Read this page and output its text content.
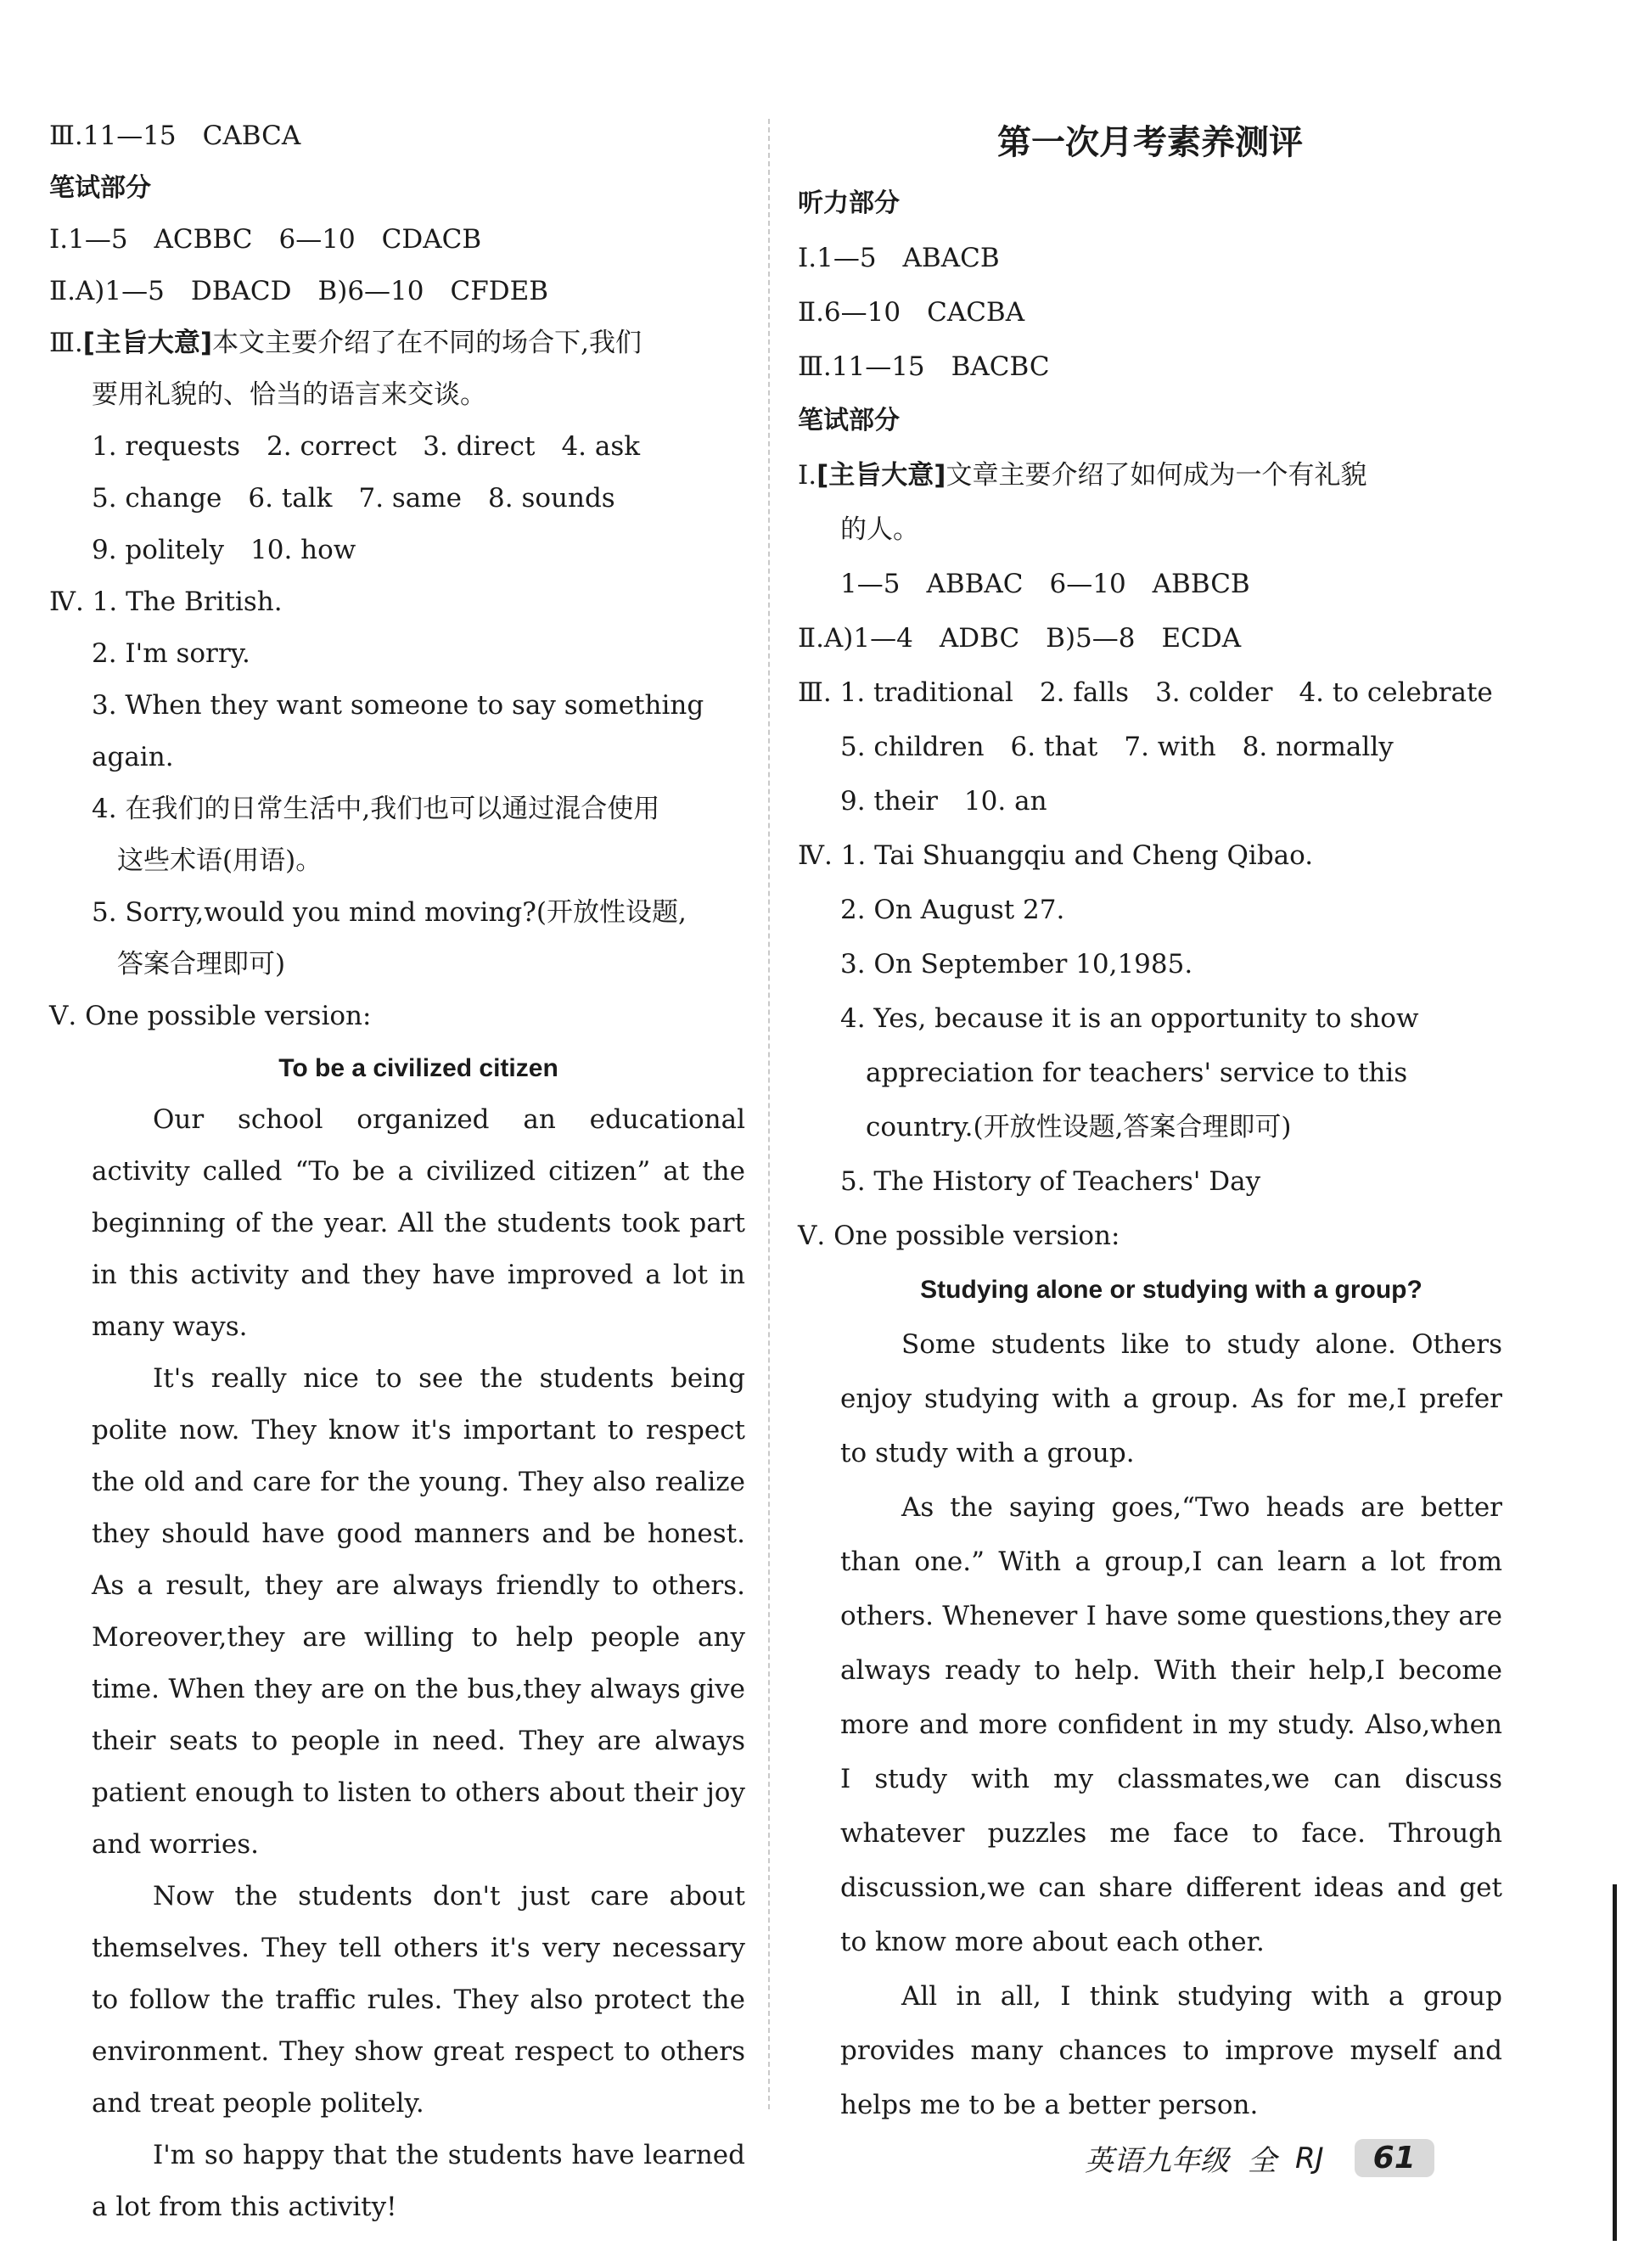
Ⅲ.11—15　CABCA
笔试部分
Ⅰ.1—5　ACBBC　6—10　CDACB
Ⅱ.A)1—5　DBACD　B)6—10　CFDEB
Ⅲ.[主旨大意]本文主要介绍了在不同的场合下,我们
要用礼貌的、恰当的语言来交谈。
1. requests　2. correct　3. direct　4. ask
5. change　6. talk　7. same　8. sounds
9. politely　10. how
Ⅳ. 1. The British.
2. I'm sorry.
3. When they want someone to say something again.
4. 在我们的日常生活中,我们也可以通过混合使用
这些术语(用语)。
5. Sorry,would you mind moving?(开放性设题,
答案合理即可)
Ⅴ. One possible version:
To be a civilized citizen
Our school organized an educational activity called “To be a civilized citizen” at the beginning of the year. All the students took part in this activity and they have improved a lot in many ways.
It's really nice to see the students being polite now. They know it's important to respect the old and care for the young. They also realize they should have good manners and be honest. As a result, they are always friendly to others. Moreover,they are willing to help people any time. When they are on the bus,they always give their seats to people in need. They are always patient enough to listen to others about their joy and worries.
Now the students don't just care about themselves. They tell others it's very necessary to follow the traffic rules. They also protect the environment. They show great respect to others and treat people politely.
I'm so happy that the students have learned a lot from this activity!
第一次月考素养测评
听力部分
Ⅰ.1—5　ABACB
Ⅱ.6—10　CACBA
Ⅲ.11—15　BACBC
笔试部分
Ⅰ.[主旨大意]文章主要介绍了如何成为一个有礼貌
的人。
1—5　ABBAC　6—10　ABBCB
Ⅱ.A)1—4　ADBC　B)5—8　ECDA
Ⅲ. 1. traditional　2. falls　3. colder　4. to celebrate
5. children　6. that　7. with　8. normally
9. their　10. an
Ⅳ. 1. Tai Shuangqiu and Cheng Qibao.
2. On August 27.
3. On September 10,1985.
4. Yes, because it is an opportunity to show
appreciation for teachers' service to this
country.(开放性设题,答案合理即可)
5. The History of Teachers' Day
Ⅴ. One possible version:
Studying alone or studying with a group?
Some students like to study alone. Others enjoy studying with a group. As for me,I prefer to study with a group.
As the saying goes,“Two heads are better than one.” With a group,I can learn a lot from others. Whenever I have some questions,they are always ready to help. With their help,I become more and more confident in my study. Also,when I study with my classmates,we can discuss whatever puzzles me face to face. Through discussion,we can share different ideas and get to know more about each other.
All in all, I think studying with a group provides many chances to improve myself and helps me to be a better person.
英语九年级 全 RJ	61
